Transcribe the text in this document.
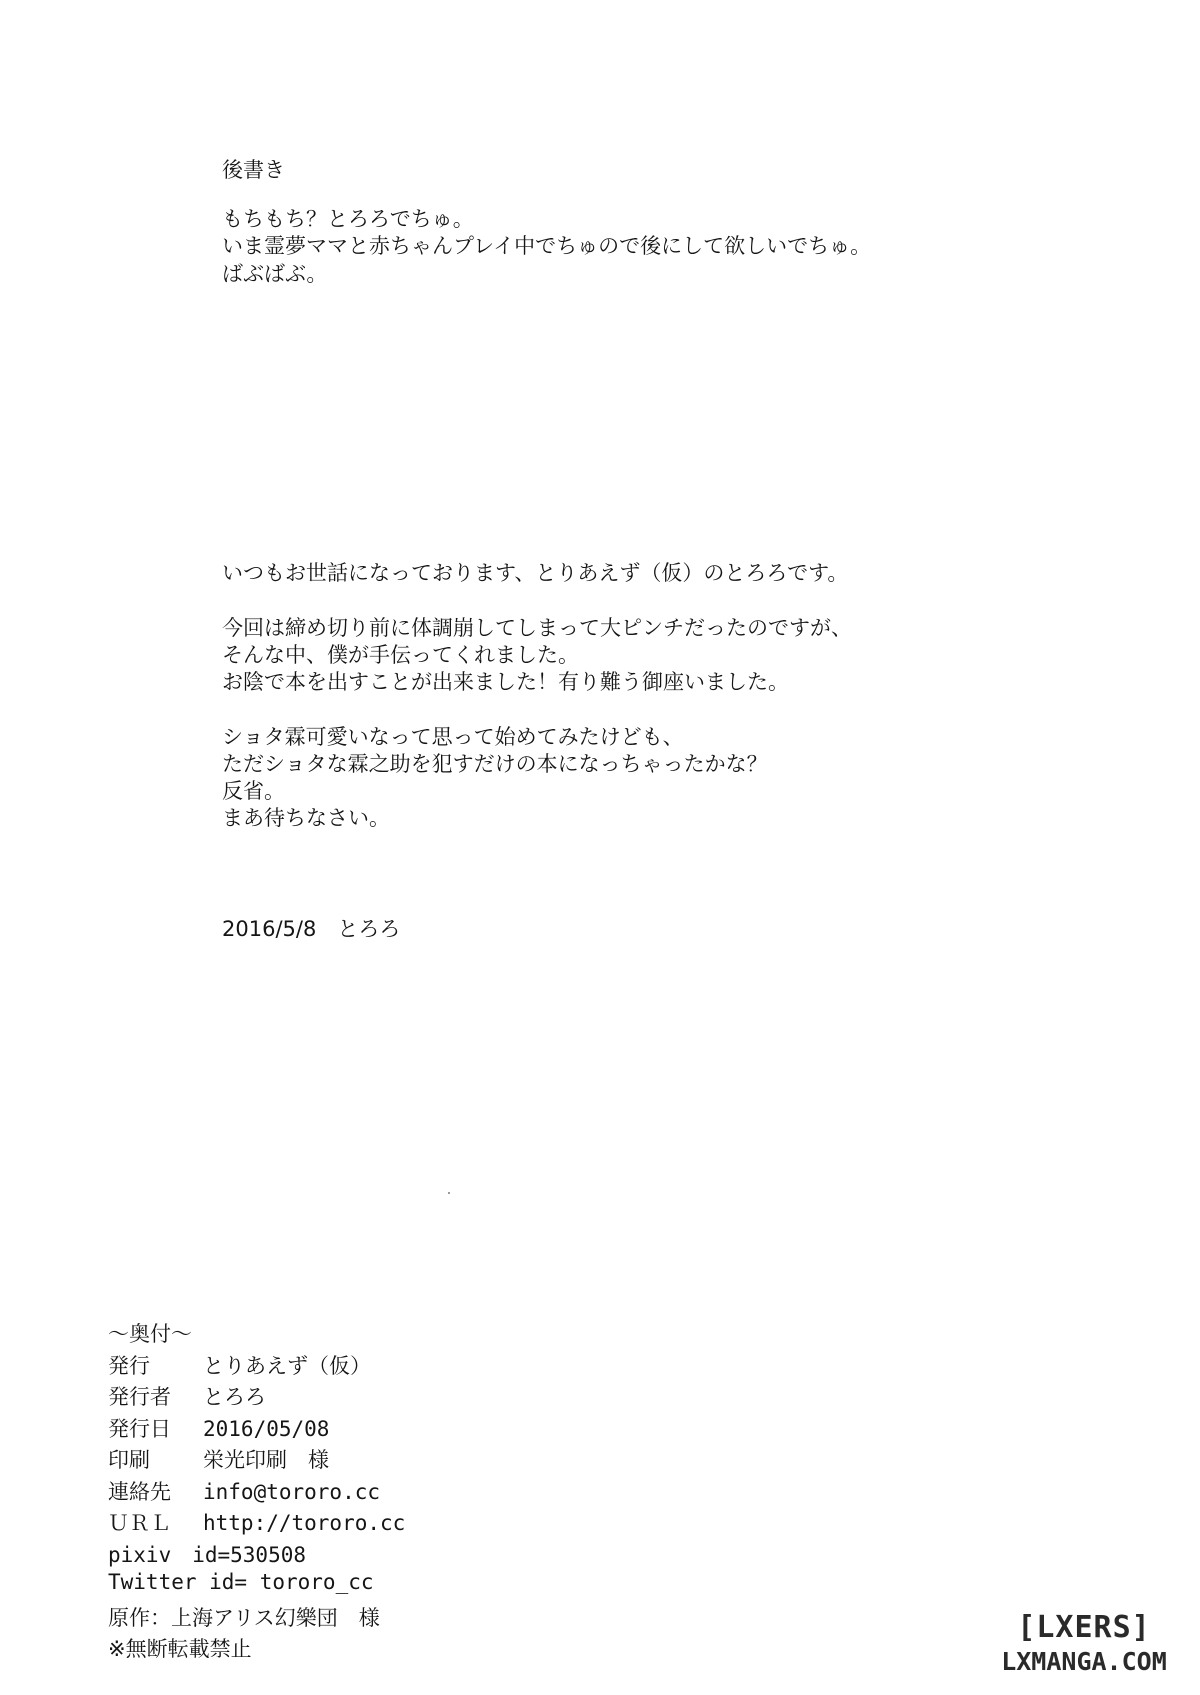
後書き
もちもち？とろろでちゅ。
いま霊夢ママと赤ちゃんプレイ中でちゅので後にして欲しいでちゅ。
ばぶばぶ。
いつもお世話になっております、とりあえず（仮）のとろろです。
今回は締め切り前に体調崩してしまって大ピンチだったのですが、
そんな中、僕が手伝ってくれました。
お陰で本を出すことが出来ました！有り難う御座いました。
ショタ霖可愛いなって思って始めてみたけども、
ただショタな霖之助を犯すだけの本になっちゃったかな？
反省。
まあ待ちなさい。
2016/5/8　とろろ
～奥付～
発行	とりあえず（仮）
発行者	とろろ
発行日	2016/05/08
印刷	栄光印刷　様
連絡先	info@tororo.cc
ＵＲＬ	http://tororo.cc
pixiv　id=530508
Twitter id= tororo_cc
原作：上海アリス幻樂団　様
※無断転載禁止
[LXERS]
LXMANGA.COM
